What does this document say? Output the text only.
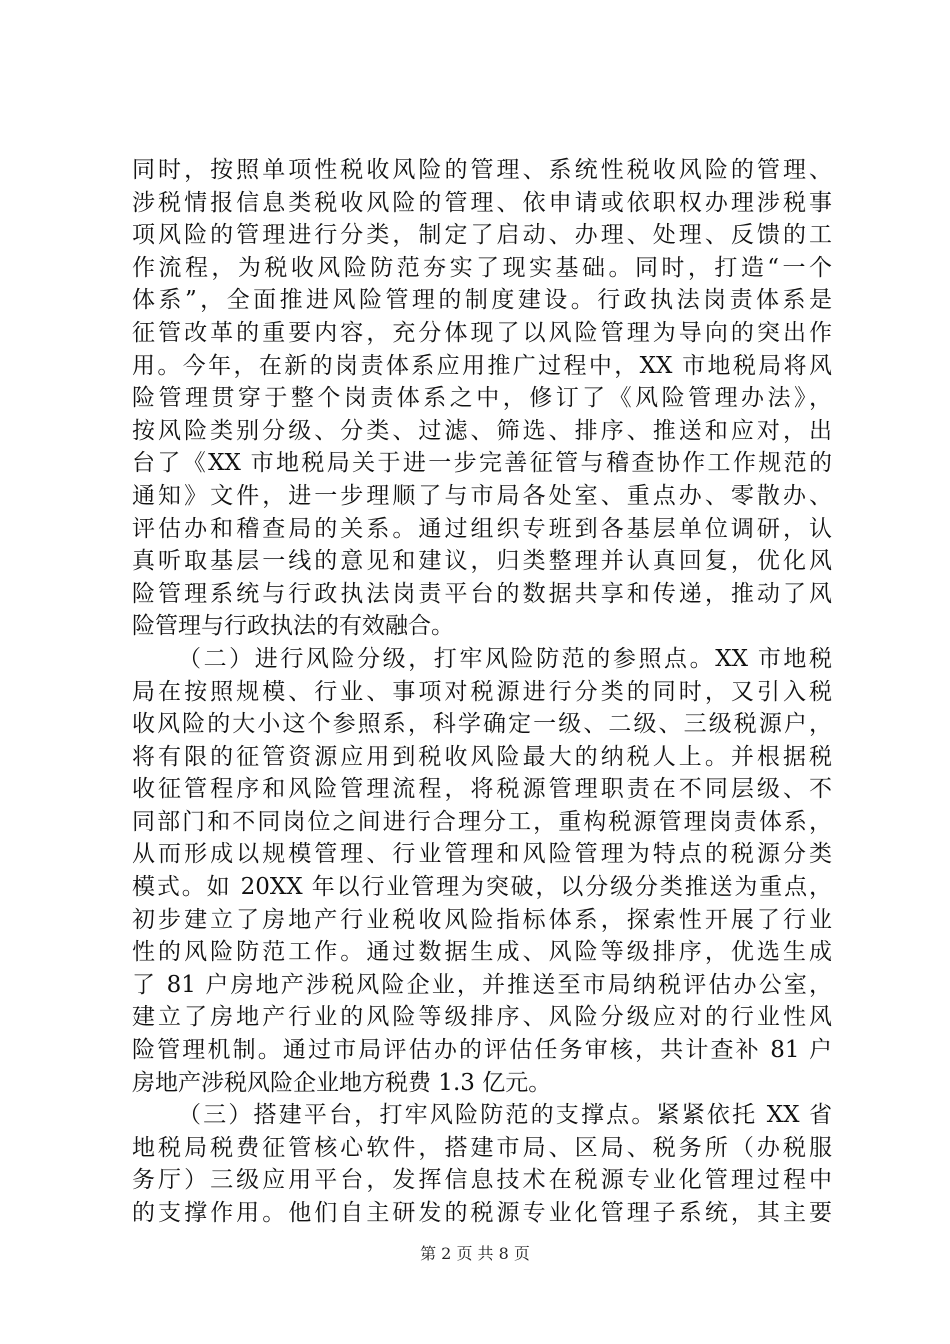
同时，按照单项性税收风险的管理、系统性税收风险的管理、
涉税情报信息类税收风险的管理、依申请或依职权办理涉税事
项风险的管理进行分类，制定了启动、办理、处理、反馈的工
作流程，为税收风险防范夯实了现实基础。同时，打造“一个
体系”，全面推进风险管理的制度建设。行政执法岗责体系是
征管改革的重要内容，充分体现了以风险管理为导向的突出作
用。今年，在新的岗责体系应用推广过程中，XX 市地税局将风
险管理贯穿于整个岗责体系之中，修订了《风险管理办法》，
按风险类别分级、分类、过滤、筛选、排序、推送和应对，出
台了《XX 市地税局关于进一步完善征管与稽查协作工作规范的
通知》文件，进一步理顺了与市局各处室、重点办、零散办、
评估办和稽查局的关系。通过组织专班到各基层单位调研，认
真听取基层一线的意见和建议，归类整理并认真回复，优化风
险管理系统与行政执法岗责平台的数据共享和传递，推动了风
险管理与行政执法的有效融合。
（二）进行风险分级，打牢风险防范的参照点。XX 市地税
局在按照规模、行业、事项对税源进行分类的同时，又引入税
收风险的大小这个参照系，科学确定一级、二级、三级税源户，
将有限的征管资源应用到税收风险最大的纳税人上。并根据税
收征管程序和风险管理流程，将税源管理职责在不同层级、不
同部门和不同岗位之间进行合理分工，重构税源管理岗责体系，
从而形成以规模管理、行业管理和风险管理为特点的税源分类
模式。如 20XX 年以行业管理为突破，以分级分类推送为重点，
初步建立了房地产行业税收风险指标体系，探索性开展了行业
性的风险防范工作。通过数据生成、风险等级排序，优选生成
了 81 户房地产涉税风险企业，并推送至市局纳税评估办公室，
建立了房地产行业的风险等级排序、风险分级应对的行业性风
险管理机制。通过市局评估办的评估任务审核，共计查补 81 户
房地产涉税风险企业地方税费 1.3 亿元。
（三）搭建平台，打牢风险防范的支撑点。紧紧依托 XX 省
地税局税费征管核心软件，搭建市局、区局、税务所（办税服
务厅）三级应用平台，发挥信息技术在税源专业化管理过程中
的支撑作用。他们自主研发的税源专业化管理子系统，其主要
第 2 页 共 8 页
